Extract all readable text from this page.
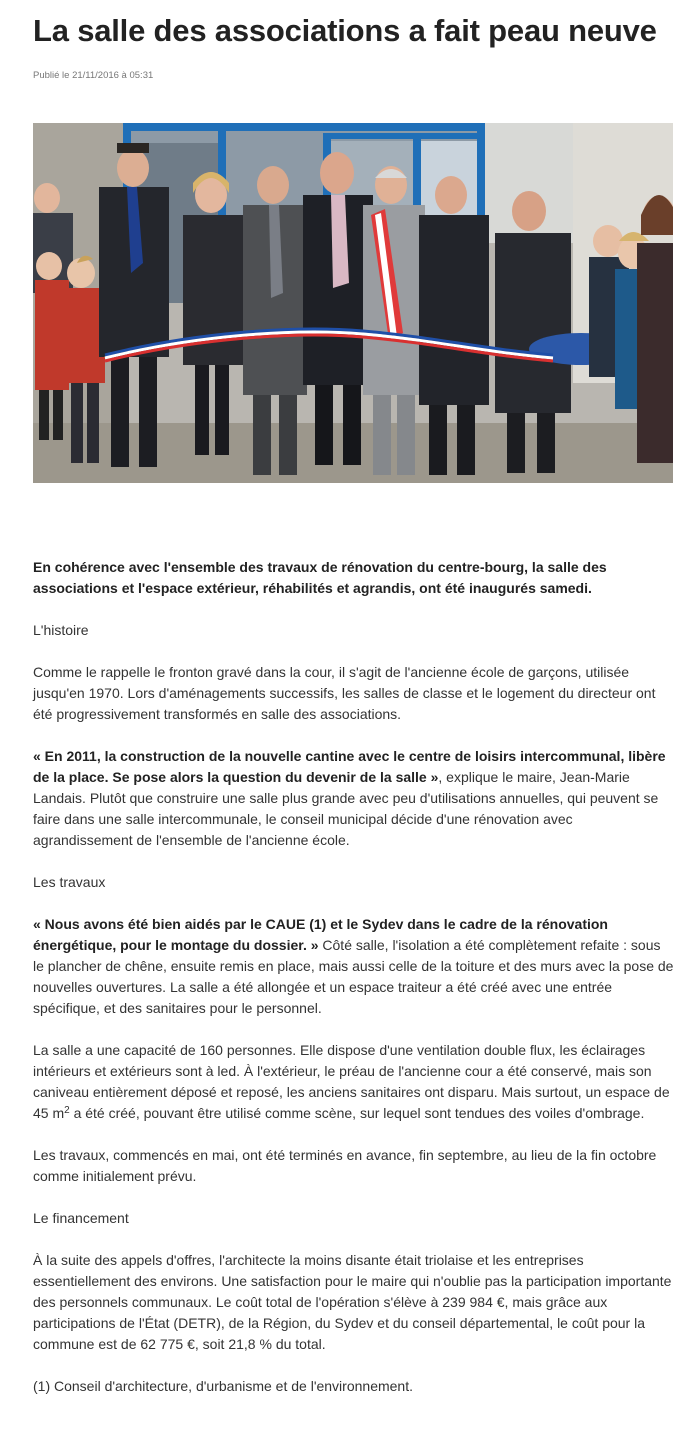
La salle des associations a fait peau neuve
Publié le 21/11/2016 à 05:31

En cohérence avec l'ensemble des travaux de rénovation du centre-bourg, la salle des associations et l'espace extérieur, réhabilités et agrandis, ont été inaugurés samedi.

L'histoire

Comme le rappelle le fronton gravé dans la cour, il s'agit de l'ancienne école de garçons, utilisée jusqu'en 1970. Lors d'aménagements successifs, les salles de classe et le logement du directeur ont été progressivement transformés en salle des associations.

« En 2011, la construction de la nouvelle cantine avec le centre de loisirs intercommunal, libère de la place. Se pose alors la question du devenir de la salle », explique le maire, Jean-Marie Landais. Plutôt que construire une salle plus grande avec peu d'utilisations annuelles, qui peuvent se faire dans une salle intercommunale, le conseil municipal décide d'une rénovation avec agrandissement de l'ensemble de l'ancienne école.

Les travaux

« Nous avons été bien aidés par le CAUE (1) et le Sydev dans le cadre de la rénovation énergétique, pour le montage du dossier. » Côté salle, l'isolation a été complètement refaite : sous le plancher de chêne, ensuite remis en place, mais aussi celle de la toiture et des murs avec la pose de nouvelles ouvertures. La salle a été allongée et un espace traiteur a été créé avec une entrée spécifique, et des sanitaires pour le personnel.

La salle a une capacité de 160 personnes. Elle dispose d'une ventilation double flux, les éclairages intérieurs et extérieurs sont à led. À l'extérieur, le préau de l'ancienne cour a été conservé, mais son caniveau entièrement déposé et reposé, les anciens sanitaires ont disparu. Mais surtout, un espace de 45 $m^2$ a été créé, pouvant être utilisé comme scène, sur lequel sont tendues des voiles d'ombrage.

Les travaux, commencés en mai, ont été terminés en avance, fin septembre, au lieu de la fin octobre comme initialement prévu.

Le financement

À la suite des appels d'offres, l'architecte la moins disante était triolaise et les entreprises essentiellement des environs. Une satisfaction pour le maire qui n'oublie pas la participation importante des personnels communaux. Le coût total de l'opération s'élève à 239 984 €, mais grâce aux participations de l'État (DETR), de la Région, du Sydev et du conseil départemental, le coût pour la commune est de 62 775 €, soit 21,8 % du total.

(1) Conseil d'architecture, d'urbanisme et de l'environnement.
